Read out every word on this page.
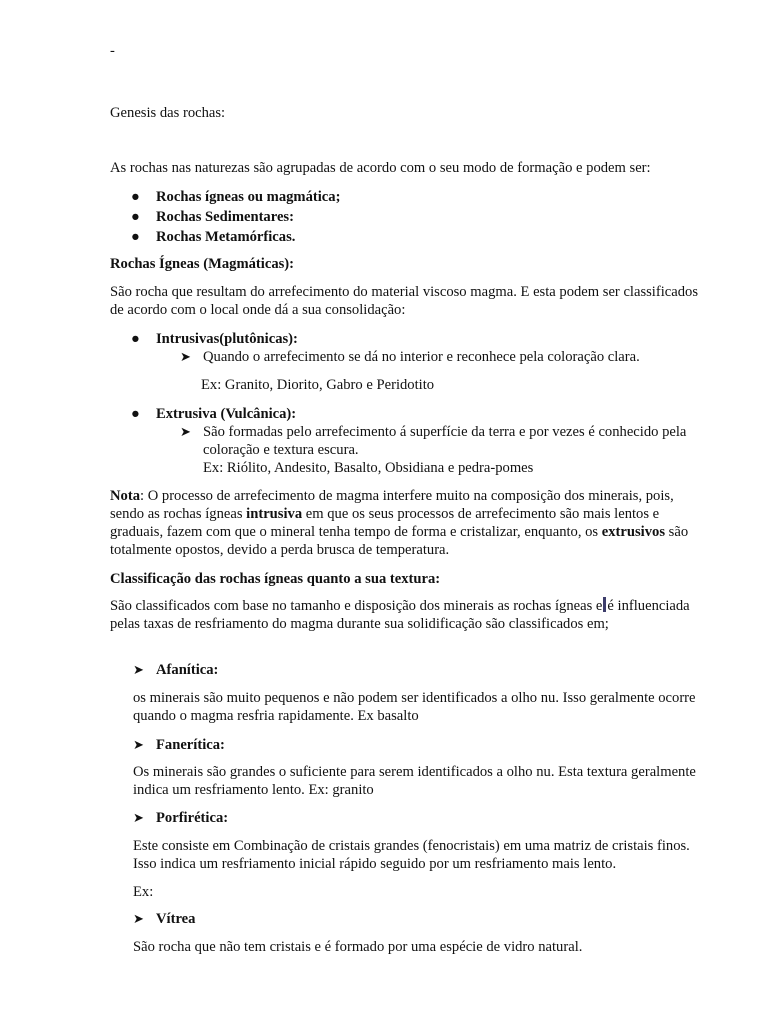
-

Genesis das rochas:

As rochas nas naturezas são agrupadas de acordo com o seu modo de formação e podem ser:

●	Rochas ígneas ou magmática;
●	Rochas Sedimentares:
●	Rochas Metamórficas.

Rochas Ígneas (Magmáticas):

São rocha que resultam do arrefecimento do material viscoso magma. E esta podem ser classificados de acordo com o local onde dá a sua consolidação:

●	Intrusivas(plutônicas):
➤ Quando o arrefecimento se dá no interior e reconhece pela coloração clara.
Ex: Granito, Diorito, Gabro e Peridotito
●	Extrusiva (Vulcânica):
➤ São formadas pelo arrefecimento á superfície da terra e por vezes é conhecido pela coloração e textura escura.
Ex: Riólito, Andesito, Basalto, Obsidiana e pedra-pomes

Nota: O processo de arrefecimento de magma interfere muito na composição dos minerais, pois, sendo as rochas ígneas intrusiva em que os seus processos de arrefecimento são mais lentos e graduais, fazem com que o mineral tenha tempo de forma e cristalizar, enquanto, os extrusivos são totalmente opostos, devido a perda brusca de temperatura.

Classificação das rochas ígneas quanto a sua textura:

São classificados com base no tamanho e disposição dos minerais as rochas ígneas e é influenciada pelas taxas de resfriamento do magma durante sua solidificação são classificados em;

➤ Afanítica:

os minerais são muito pequenos e não podem ser identificados a olho nu. Isso geralmente ocorre quando o magma resfria rapidamente. Ex basalto

➤ Fanerítica:

Os minerais são grandes o suficiente para serem identificados a olho nu. Esta textura geralmente indica um resfriamento lento. Ex: granito

➤ Porfirética:

Este consiste em Combinação de cristais grandes (fenocristais) em uma matriz de cristais finos. Isso indica um resfriamento inicial rápido seguido por um resfriamento mais lento.

Ex:

➤ Vítrea

São rocha que não tem cristais e é formado por uma espécie de vidro natural.
